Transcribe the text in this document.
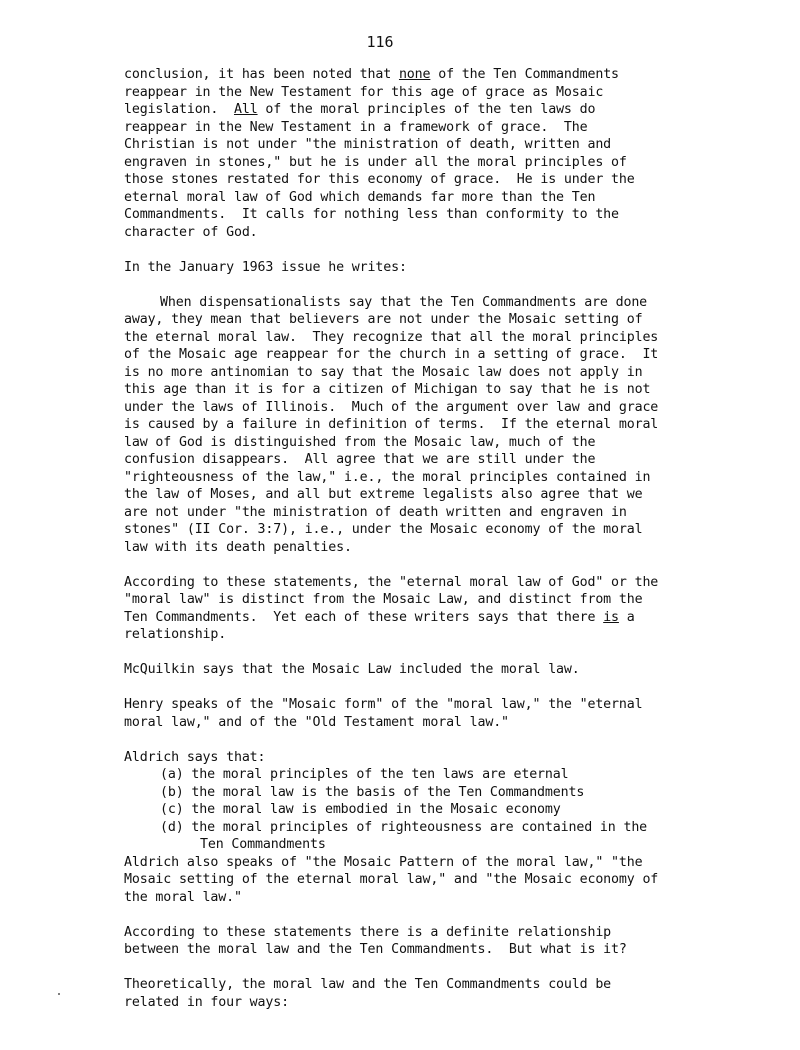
116
conclusion, it has been noted that none of the Ten Commandments
reappear in the New Testament for this age of grace as Mosaic
legislation.  All of the moral principles of the ten laws do
reappear in the New Testament in a framework of grace.  The
Christian is not under "the ministration of death, written and
engraven in stones," but he is under all the moral principles of
those stones restated for this economy of grace.  He is under the
eternal moral law of God which demands far more than the Ten
Commandments.  It calls for nothing less than conformity to the
character of God.
In the January 1963 issue he writes:
When dispensationalists say that the Ten Commandments are done
away, they mean that believers are not under the Mosaic setting of
the eternal moral law.  They recognize that all the moral principles
of the Mosaic age reappear for the church in a setting of grace.  It
is no more antinomian to say that the Mosaic law does not apply in
this age than it is for a citizen of Michigan to say that he is not
under the laws of Illinois.  Much of the argument over law and grace
is caused by a failure in definition of terms.  If the eternal moral
law of God is distinguished from the Mosaic law, much of the
confusion disappears.  All agree that we are still under the
"righteousness of the law," i.e., the moral principles contained in
the law of Moses, and all but extreme legalists also agree that we
are not under "the ministration of death written and engraven in
stones" (II Cor. 3:7), i.e., under the Mosaic economy of the moral
law with its death penalties.
According to these statements, the "eternal moral law of God" or the
"moral law" is distinct from the Mosaic Law, and distinct from the
Ten Commandments.  Yet each of these writers says that there is a
relationship.
McQuilkin says that the Mosaic Law included the moral law.
Henry speaks of the "Mosaic form" of the "moral law," the "eternal
moral law," and of the "Old Testament moral law."
Aldrich says that:
(a) the moral principles of the ten laws are eternal
(b) the moral law is the basis of the Ten Commandments
(c) the moral law is embodied in the Mosaic economy
(d) the moral principles of righteousness are contained in the
Ten Commandments
Aldrich also speaks of "the Mosaic Pattern of the moral law," "the
Mosaic setting of the eternal moral law," and "the Mosaic economy of
the moral law."
According to these statements there is a definite relationship
between the moral law and the Ten Commandments.  But what is it?
Theoretically, the moral law and the Ten Commandments could be
related in four ways:
